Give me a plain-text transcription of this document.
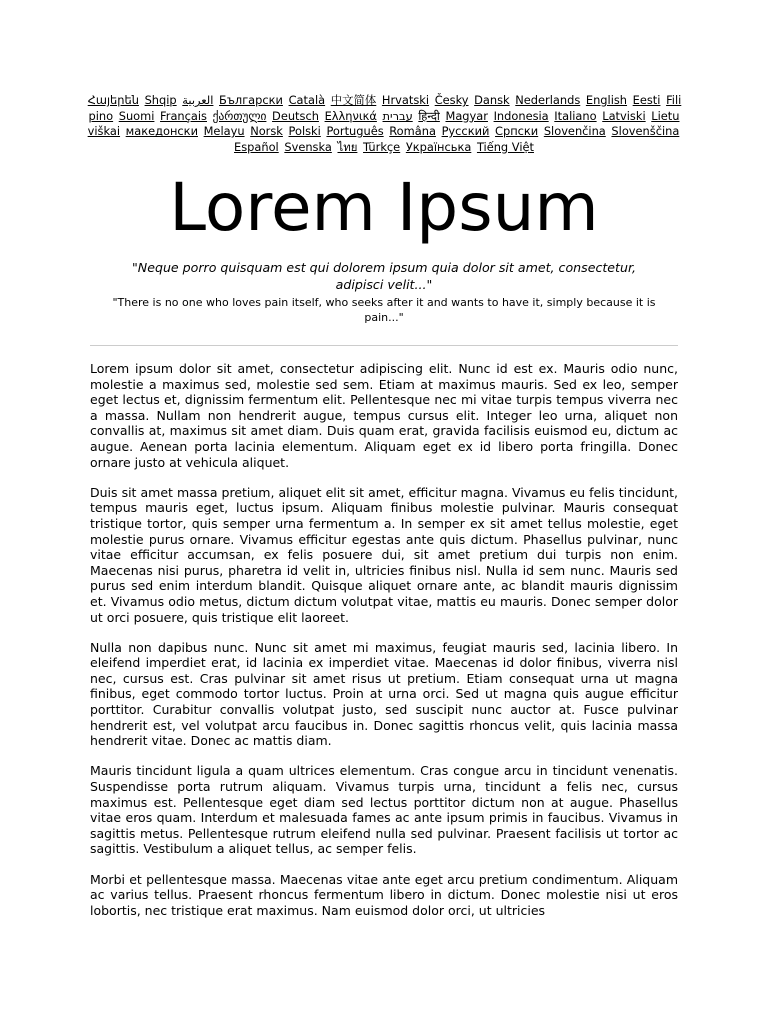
Հայերեն Shqip العربية Български Català 中文简体 Hrvatski Česky Dansk Nederlands English Eesti Filipino Suomi Français ქართული Deutsch Ελληνικά עברית हिन्दी Magyar Indonesia Italiano Latviski Lietuviškai македонски Melayu Norsk Polski Português Româna Pyccкий Српски Slovenčina Slovenščina Español Svenska ไทย Türkçe Українська Tiếng Việt
Lorem Ipsum

"Neque porro quisquam est qui dolorem ipsum quia dolor sit amet, consectetur, adipisci velit..."

"There is no one who loves pain itself, who seeks after it and wants to have it, simply because it is pain..."

Lorem ipsum dolor sit amet, consectetur adipiscing elit. Nunc id est ex. Mauris odio nunc, molestie a maximus sed, molestie sed sem. Etiam at maximus mauris. Sed ex leo, semper eget lectus et, dignissim fermentum elit. Pellentesque nec mi vitae turpis tempus viverra nec a massa. Nullam non hendrerit augue, tempus cursus elit. Integer leo urna, aliquet non convallis at, maximus sit amet diam. Duis quam erat, gravida facilisis euismod eu, dictum ac augue. Aenean porta lacinia elementum. Aliquam eget ex id libero porta fringilla. Donec ornare justo at vehicula aliquet.

Duis sit amet massa pretium, aliquet elit sit amet, efficitur magna. Vivamus eu felis tincidunt, tempus mauris eget, luctus ipsum. Aliquam finibus molestie pulvinar. Mauris consequat tristique tortor, quis semper urna fermentum a. In semper ex sit amet tellus molestie, eget molestie purus ornare. Vivamus efficitur egestas ante quis dictum. Phasellus pulvinar, nunc vitae efficitur accumsan, ex felis posuere dui, sit amet pretium dui turpis non enim. Maecenas nisi purus, pharetra id velit in, ultricies finibus nisl. Nulla id sem nunc. Mauris sed purus sed enim interdum blandit. Quisque aliquet ornare ante, ac blandit mauris dignissim et. Vivamus odio metus, dictum dictum volutpat vitae, mattis eu mauris. Donec semper dolor ut orci posuere, quis tristique elit laoreet.

Nulla non dapibus nunc. Nunc sit amet mi maximus, feugiat mauris sed, lacinia libero. In eleifend imperdiet erat, id lacinia ex imperdiet vitae. Maecenas id dolor finibus, viverra nisl nec, cursus est. Cras pulvinar sit amet risus ut pretium. Etiam consequat urna ut magna finibus, eget commodo tortor luctus. Proin at urna orci. Sed ut magna quis augue efficitur porttitor. Curabitur convallis volutpat justo, sed suscipit nunc auctor at. Fusce pulvinar hendrerit est, vel volutpat arcu faucibus in. Donec sagittis rhoncus velit, quis lacinia massa hendrerit vitae. Donec ac mattis diam.

Mauris tincidunt ligula a quam ultrices elementum. Cras congue arcu in tincidunt venenatis. Suspendisse porta rutrum aliquam. Vivamus turpis urna, tincidunt a felis nec, cursus maximus est. Pellentesque eget diam sed lectus porttitor dictum non at augue. Phasellus vitae eros quam. Interdum et malesuada fames ac ante ipsum primis in faucibus. Vivamus in sagittis metus. Pellentesque rutrum eleifend nulla sed pulvinar. Praesent facilisis ut tortor ac sagittis. Vestibulum a aliquet tellus, ac semper felis.

Morbi et pellentesque massa. Maecenas vitae ante eget arcu pretium condimentum. Aliquam ac varius tellus. Praesent rhoncus fermentum libero in dictum. Donec molestie nisi ut eros lobortis, nec tristique erat maximus. Nam euismod dolor orci, ut ultricies
